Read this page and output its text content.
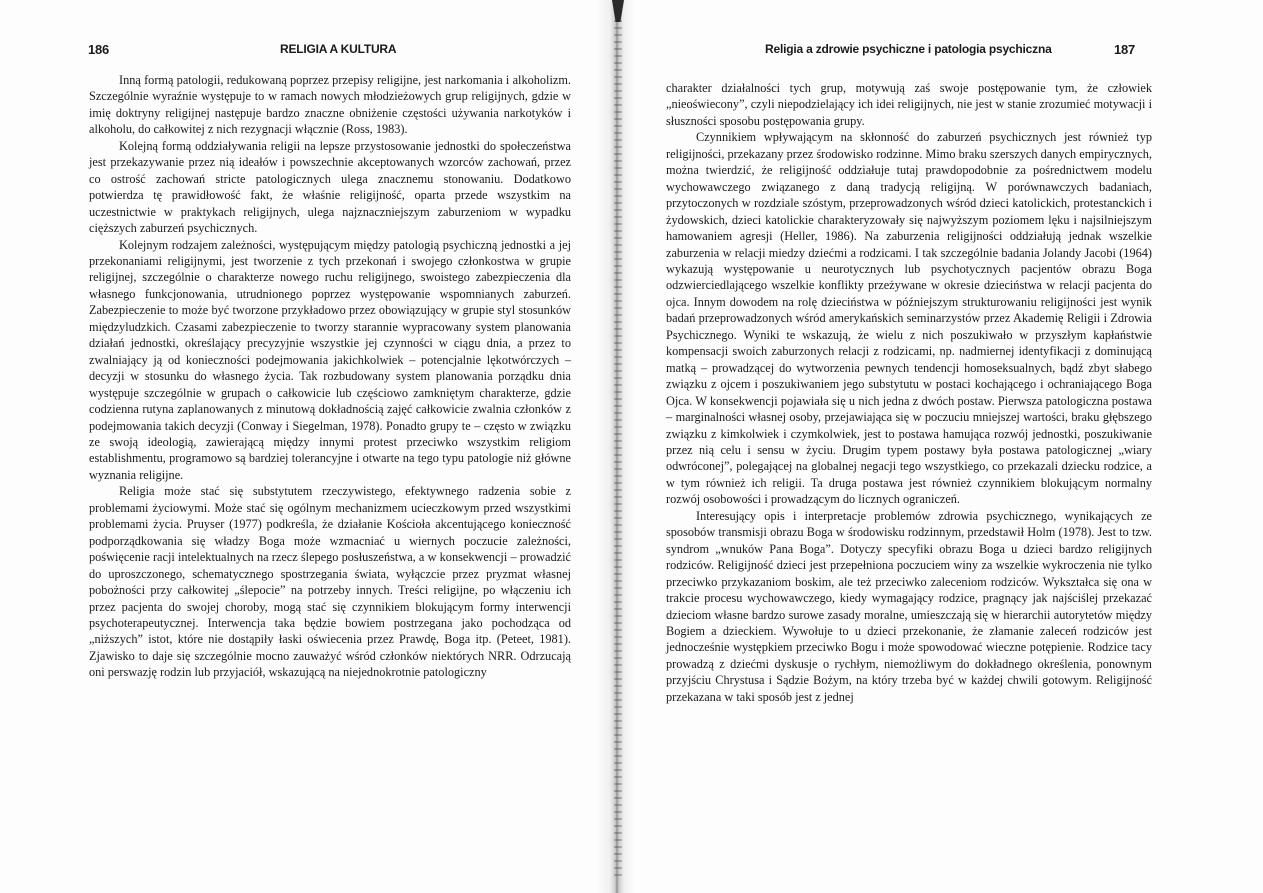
186	RELIGIA A KULTURA

Inną formą patologii, redukowaną poprzez przepisy religijne, jest narkomania i alkoholizm. Szczególnie wyraźnie występuje to w ramach nowych młodzieżowych grup religijnych, gdzie w imię doktryny religijnej następuje bardzo znaczne obniżenie częstości używania narkotyków i alkoholu, do całkowitej z nich rezygnacji włącznie (Ross, 1983).

Kolejną formą oddziaływania religii na lepsze przystosowanie jednostki do społeczeństwa jest przekazywanie przez nią ideałów i powszechnie akceptowanych wzorców zachowań, przez co ostrość zachowań stricte patologicznych ulega znacznemu stonowaniu. Dodatkowo potwierdza tę prawidłowość fakt, że właśnie religijność, oparta przede wszystkim na uczestnictwie w praktykach religijnych, ulega najznaczniejszym zaburzeniom w wypadku cięższych zaburzeń psychicznych.

Kolejnym rodzajem zależności, występującym między patologią psychiczną jednostki a jej przekonaniami religijnymi, jest tworzenie z tych przekonań i swojego członkostwa w grupie religijnej, szczególnie o charakterze nowego ruchu religijnego, swoistego zabezpieczenia dla własnego funkcjonowania, utrudnionego poprzez występowanie wspomnianych zaburzeń. Zabezpieczenie to może być tworzone przykładowo przez obowiązujący w grupie styl stosunków międzyludzkich. Czasami zabezpieczenie to tworzy starannie wypracowany system planowania działań jednostki, określający precyzyjnie wszystkie jej czynności w ciągu dnia, a przez to zwalniający ją od konieczności podejmowania jakichkolwiek – potencjalnie lękotwórczych – decyzji w stosunku do własnego życia. Tak rozbudowany system planowania porządku dnia występuje szczególnie w grupach o całkowicie lub częściowo zamkniętym charakterze, gdzie codzienna rutyna zaplanowanych z minutową dokładnością zajęć całkowicie zwalnia członków z podejmowania takich decyzji (Conway i Siegelman, 1978). Ponadto grupy te – często w związku ze swoją ideologią, zawierającą między innymi protest przeciwko wszystkim religiom establishmentu, programowo są bardziej tolerancyjne i otwarte na tego typu patologie niż główne wyznania religijne.

Religia może stać się substytutem rzeczywistego, efektywnego radzenia sobie z problemami życiowymi. Może stać się ogólnym mechanizmem ucieczkowym przed wszystkimi problemami życia. Pruyser (1977) podkreśla, że działanie Kościoła akcentującego konieczność podporządkowania się władzy Boga może wzmacniać u wiernych poczucie zależności, poświęcenie racji intelektualnych na rzecz ślepego posłuszeństwa, a w konsekwencji – prowadzić do uproszczonego, schematycznego spostrzegania świata, wyłączcie przez pryzmat własnej pobożności przy całkowitej „ślepocie” na potrzeby innych. Treści religijne, po włączeniu ich przez pacjenta do swojej choroby, mogą stać się czynnikiem blokującym formy interwencji psychoterapeutycznej. Interwencja taka będzie bowiem postrzegana jako pochodząca od „niższych” istot, które nie dostąpiły łaski oświecenia przez Prawdę, Boga itp. (Peteet, 1981). Zjawisko to daje się szczególnie mocno zauważyć wśród członków niektórych NRR. Odrzucają oni perswazję rodzin lub przyjaciół, wskazującą na niejednokrotnie patologiczny

Religia a zdrowie psychiczne i patologia psychiczna	187

charakter działalności tych grup, motywują zaś swoje postępowanie tym, że człowiek „nieoświecony”, czyli niepodzielający ich idei religijnych, nie jest w stanie zrozumieć motywacji i słuszności sposobu postępowania grupy.

Czynnikiem wpływającym na skłonność do zaburzeń psychicznych jest również typ religijności, przekazany przez środowisko rodzinne. Mimo braku szerszych danych empirycznych, można twierdzić, że religijność oddziałuje tutaj prawdopodobnie za pośrednictwem modelu wychowawczego związanego z daną tradycją religijną. W porównawczych badaniach, przytoczonych w rozdziale szóstym, przeprowadzonych wśród dzieci katolickich, protestanckich i żydowskich, dzieci katolickie charakteryzowały się najwyższym poziomem lęku i najsilniejszym hamowaniem agresji (Heller, 1986). Na zaburzenia religijności oddziałują jednak wszelkie zaburzenia w relacji miedzy dziećmi a rodzicami. I tak szczególnie badania Jolandy Jacobi (1964) wykazują występowanie u neurotycznych lub psychotycznych pacjentów obrazu Boga odzwierciedlającego wszelkie konflikty przeżywane w okresie dzieciństwa w relacji pacjenta do ojca. Innym dowodem na rolę dzieciństwa w późniejszym strukturowaniu religijności jest wynik badań przeprowadzonych wśród amerykańskich seminarzystów przez Akademię Religii i Zdrowia Psychicznego. Wyniki te wskazują, że wielu z nich poszukiwało w przyszłym kapłaństwie kompensacji swoich zaburzonych relacji z rodzicami, np. nadmiernej identyfikacji z dominującą matką – prowadzącej do wytworzenia pewnych tendencji homoseksualnych, bądź zbyt słabego związku z ojcem i poszukiwaniem jego substytutu w postaci kochającego i ochraniającego Boga Ojca. W konsekwencji pojawiała się u nich jedna z dwóch postaw. Pierwsza patologiczna postawa – marginalności własnej osoby, przejawiająca się w poczuciu mniejszej wartości, braku głębszego związku z kimkolwiek i czymkolwiek, jest to postawa hamująca rozwój jednostki, poszukiwanie przez nią celu i sensu w życiu. Drugim typem postawy była postawa patologicznej „wiary odwróconej”, polegającej na globalnej negacji tego wszystkiego, co przekazali dziecku rodzice, a w tym również ich religii. Ta druga postawa jest również czynnikiem blokującym normalny rozwój osobowości i prowadzącym do licznych ograniczeń.

Interesujący opis i interpretacje problemów zdrowia psychicznego, wynikających ze sposobów transmisji obrazu Boga w środowisku rodzinnym, przedstawił Holm (1978). Jest to tzw. syndrom „wnuków Pana Boga”. Dotyczy specyfiki obrazu Boga u dzieci bardzo religijnych rodziców. Religijność dzieci jest przepełniona poczuciem winy za wszelkie wykroczenia nie tylko przeciwko przykazaniom boskim, ale też przeciwko zaleceniom rodziców. Wykształca się ona w trakcie procesu wychowawczego, kiedy wymagający rodzice, pragnący jak najściślej przekazać dzieciom własne bardzo surowe zasady moralne, umieszczają się w hierarchii autorytetów między Bogiem a dzieckiem. Wywołuje to u dzieci przekonanie, że złamanie zaleceń rodziców jest jednocześnie występkiem przeciwko Bogu i może spowodować wieczne potępienie. Rodzice tacy prowadzą z dziećmi dyskusje o rychłym, niemożliwym do dokładnego określenia, ponownym przyjściu Chrystusa i Sądzie Bożym, na który trzeba być w każdej chwili gotowym. Religijność przekazana w taki sposób jest z jednej
